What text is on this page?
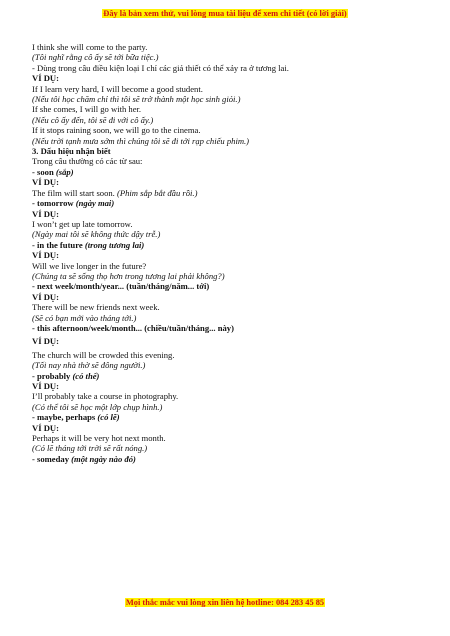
Đây là bản xem thử, vui lòng mua tài liệu để xem chi tiết (có lời giải)
I think she will come to the party.
(Tôi nghĩ rằng cô ấy sẽ tới bữa tiệc.)
- Dùng trong câu điều kiện loại I chỉ các giả thiết có thể xảy ra ở tương lai.
VÍ DỤ:
If I learn very hard, I will become a good student.
(Nếu tôi học chăm chỉ thì tôi sẽ trở thành một học sinh giỏi.)
If she comes, I will go with her.
(Nếu cô ấy đến, tôi sẽ đi với cô ấy.)
If it stops raining soon, we will go to the cinema.
(Nếu trời tạnh mưa sớm thì chúng tôi sẽ đi tới rạp chiếu phim.)
3. Dấu hiệu nhận biết
Trong câu thường có các từ sau:
- soon (sắp)
VÍ DỤ:
The film will start soon. (Phim sắp bắt đầu rồi.)
- tomorrow (ngày mai)
VÍ DỤ:
I won’t get up late tomorrow.
(Ngày mai tôi sẽ không thức dậy trễ.)
- in the future (trong tương lai)
VÍ DỤ:
Will we live longer in the future?
(Chúng ta sẽ sống thọ hơn trong tương lai phải không?)
- next week/month/year... (tuần/tháng/năm... tới)
VÍ DỤ:
There will be new friends next week.
(Sẽ có bạn mới vào tháng tới.)
- this afternoon/week/month... (chiều/tuần/tháng... này)
VÍ DỤ:
The church will be crowded this evening.
(Tối nay nhà thờ sẽ đông người.)
- probably (có thể)
VÍ DỤ:
I’ll probably take a course in photography.
(Có thể tôi sẽ học một lớp chụp hình.)
- maybe, perhaps (có lẽ)
VÍ DỤ:
Perhaps it will be very hot next month.
(Có lẽ tháng tới trời sẽ rất nóng.)
- someday (một ngày nào đó)
Mọi thắc mắc vui lòng xin liên hệ hotline: 084 283 45 85
